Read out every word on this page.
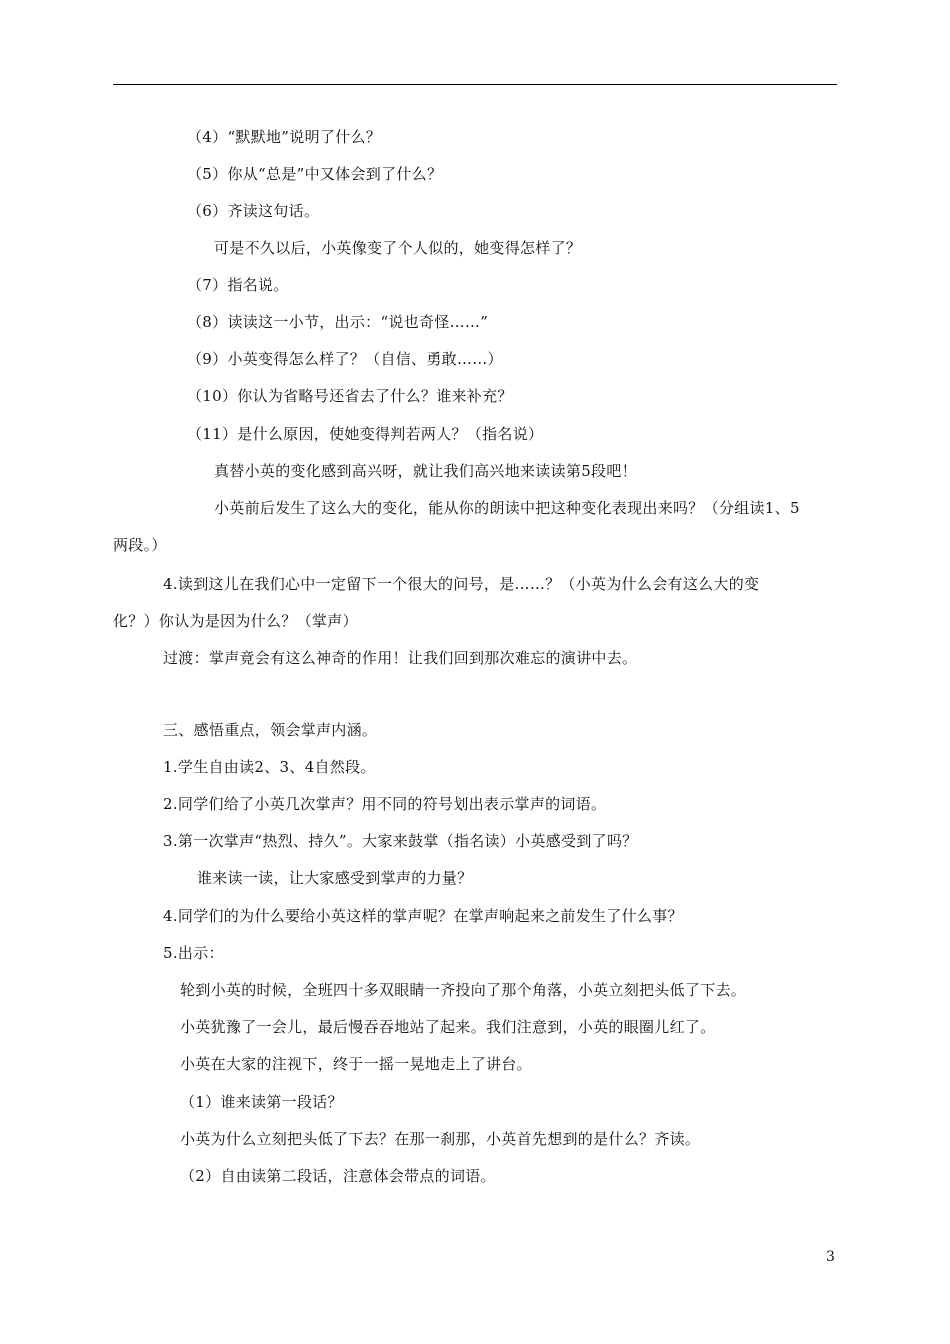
（4）“默默地”说明了什么？
（5）你从“总是”中又体会到了什么？
（6）齐读这句话。
可是不久以后，小英像变了个人似的，她变得怎样了？
（7）指名说。
（8）读读这一小节，出示：“说也奇怪……”
（9）小英变得怎么样了？（自信、勇敢……）
（10）你认为省略号还省去了什么？谁来补充？
（11）是什么原因，使她变得判若两人？（指名说）
真替小英的变化感到高兴呀，就让我们高兴地来读读第5段吧！
小英前后发生了这么大的变化，能从你的朗读中把这种变化表现出来吗？（分组读1、5
两段。）
4.读到这儿在我们心中一定留下一个很大的问号，是……？（小英为什么会有这么大的变
化？）你认为是因为什么？（掌声）
过渡：掌声竟会有这么神奇的作用！让我们回到那次难忘的演讲中去。
三、感悟重点，领会掌声内涵。
1.学生自由读2、3、4自然段。
2.同学们给了小英几次掌声？用不同的符号划出表示掌声的词语。
3.第一次掌声“热烈、持久”。大家来鼓掌（指名读）小英感受到了吗？
谁来读一读，让大家感受到掌声的力量？
4.同学们的为什么要给小英这样的掌声呢？在掌声响起来之前发生了什么事？
5.出示：
轮到小英的时候，全班四十多双眼睛一齐投向了那个角落，小英立刻把头低了下去。
小英犹豫了一会儿，最后慢吞吞地站了起来。我们注意到，小英的眼圈儿红了。
小英在大家的注视下，终于一摇一晃地走上了讲台。
（1）谁来读第一段话？
小英为什么立刻把头低了下去？在那一刹那，小英首先想到的是什么？齐读。
（2）自由读第二段话，注意体会带点的词语。
3
